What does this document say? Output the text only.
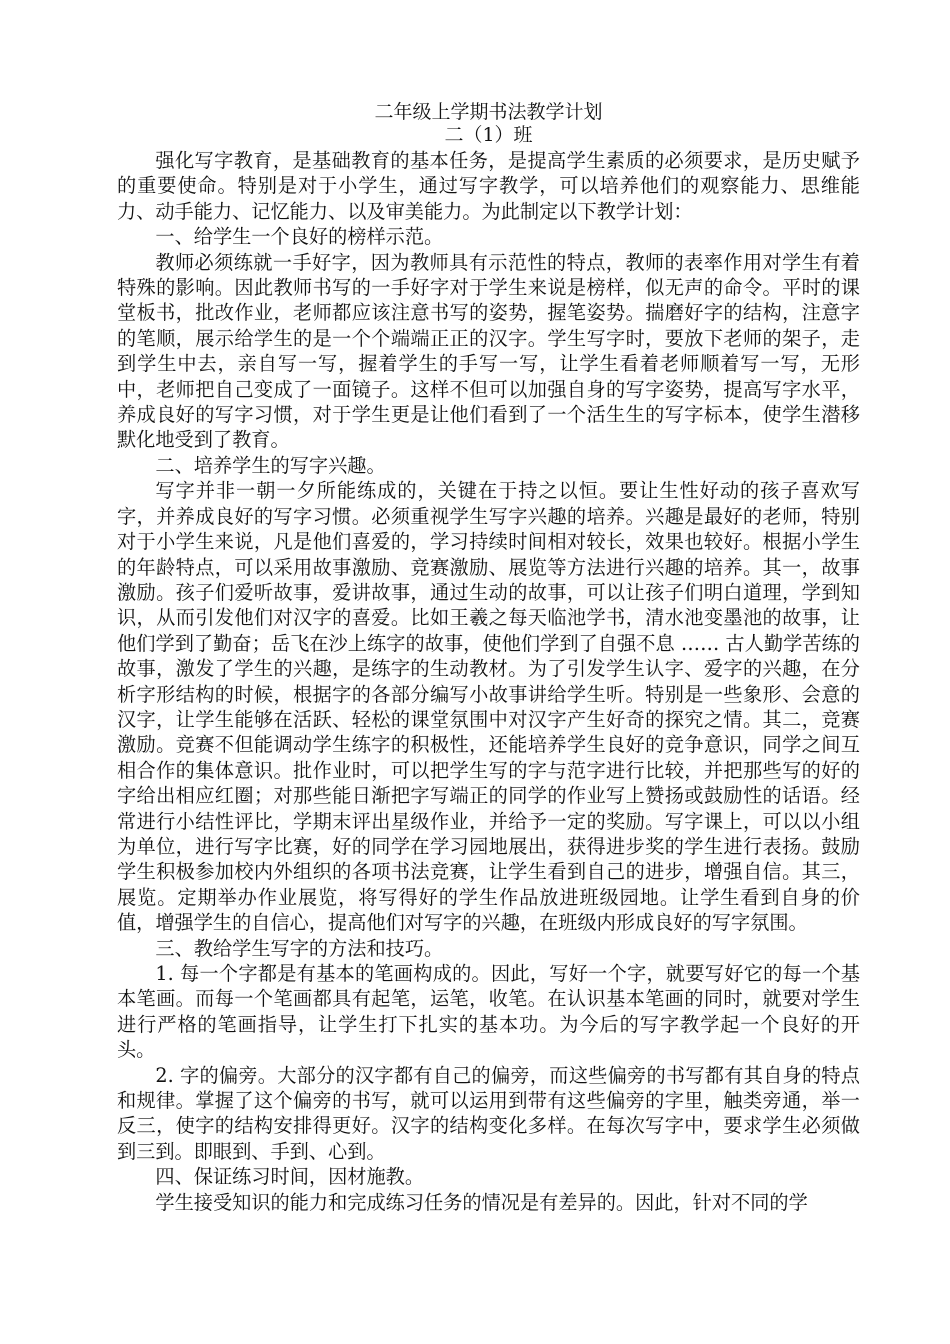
二年级上学期书法教学计划

二（1）班

强化写字教育，是基础教育的基本任务，是提高学生素质的必须要求，是历史赋予的重要使命。特别是对于小学生，通过写字教学，可以培养他们的观察能力、思维能力、动手能力、记忆能力、以及审美能力。为此制定以下教学计划：

一、给学生一个良好的榜样示范。

教师必须练就一手好字，因为教师具有示范性的特点，教师的表率作用对学生有着特殊的影响。因此教师书写的一手好字对于学生来说是榜样，似无声的命令。平时的课堂板书，批改作业，老师都应该注意书写的姿势，握笔姿势。揣磨好字的结构，注意字的笔顺，展示给学生的是一个个端端正正的汉字。学生写字时，要放下老师的架子，走到学生中去，亲自写一写，握着学生的手写一写，让学生看着老师顺着写一写，无形中，老师把自己变成了一面镜子。这样不但可以加强自身的写字姿势，提高写字水平，养成良好的写字习惯，对于学生更是让他们看到了一个活生生的写字标本，使学生潜移默化地受到了教育。

二、培养学生的写字兴趣。

写字并非一朝一夕所能练成的，关键在于持之以恒。要让生性好动的孩子喜欢写字，并养成良好的写字习惯。必须重视学生写字兴趣的培养。兴趣是最好的老师，特别对于小学生来说，凡是他们喜爱的，学习持续时间相对较长，效果也较好。根据小学生的年龄特点，可以采用故事激励、竞赛激励、展览等方法进行兴趣的培养。其一，故事激励。孩子们爱听故事，爱讲故事，通过生动的故事，可以让孩子们明白道理，学到知识，从而引发他们对汉字的喜爱。比如王羲之每天临池学书，清水池变墨池的故事，让他们学到了勤奋；岳飞在沙上练字的故事，使他们学到了自强不息 …… 古人勤学苦练的故事，激发了学生的兴趣，是练字的生动教材。为了引发学生认字、爱字的兴趣，在分析字形结构的时候，根据字的各部分编写小故事讲给学生听。特别是一些象形、会意的汉字，让学生能够在活跃、轻松的课堂氛围中对汉字产生好奇的探究之情。其二，竞赛激励。竞赛不但能调动学生练字的积极性，还能培养学生良好的竞争意识，同学之间互相合作的集体意识。批作业时，可以把学生写的字与范字进行比较，并把那些写的好的字给出相应红圈；对那些能日渐把字写端正的同学的作业写上赞扬或鼓励性的话语。经常进行小结性评比，学期末评出星级作业，并给予一定的奖励。写字课上，可以以小组为单位，进行写字比赛，好的同学在学习园地展出，获得进步奖的学生进行表扬。鼓励学生积极参加校内外组织的各项书法竞赛，让学生看到自己的进步，增强自信。其三，展览。定期举办作业展览，将写得好的学生作品放进班级园地。让学生看到自身的价值，增强学生的自信心，提高他们对写字的兴趣，在班级内形成良好的写字氛围。

三、教给学生写字的方法和技巧。

1. 每一个字都是有基本的笔画构成的。因此，写好一个字，就要写好它的每一个基本笔画。而每一个笔画都具有起笔，运笔，收笔。在认识基本笔画的同时，就要对学生进行严格的笔画指导，让学生打下扎实的基本功。为今后的写字教学起一个良好的开头。

2. 字的偏旁。大部分的汉字都有自己的偏旁，而这些偏旁的书写都有其自身的特点和规律。掌握了这个偏旁的书写，就可以运用到带有这些偏旁的字里，触类旁通，举一反三，使字的结构安排得更好。汉字的结构变化多样。在每次写字中，要求学生必须做到三到。即眼到、手到、心到。

四、保证练习时间，因材施教。

学生接受知识的能力和完成练习任务的情况是有差异的。因此，针对不同的学
